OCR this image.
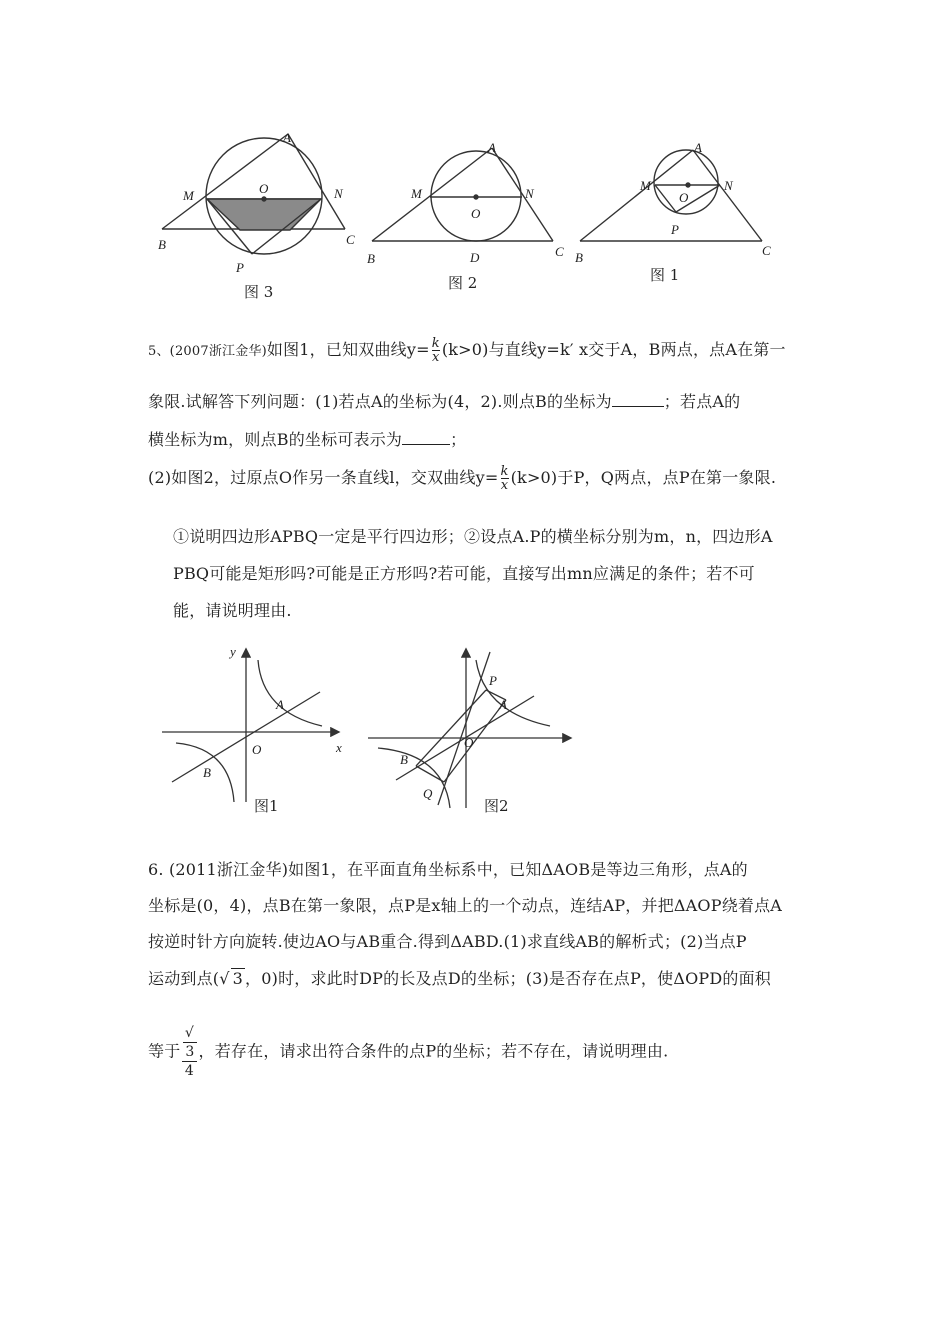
A
O
M	N
B	C
P
图 3
A
M	N
O
B	D	C
图 2
A
M	N
O
P
B	C
图 1
5、(2007浙江金华)如图1，已知双曲线$y= \frac{k}{x} (k>0)$与直线y=k′ x交于A，B两点，点A在第一
象限.试解答下列问题：(1)若点A的坐标为(4，2).则点B的坐标为	；若点A的
横坐标为m，则点B的坐标可表示为	；
(2)如图2，过原点O作另一条直线l，交双曲线$y= \frac{k}{x} (k>0)$于P，Q两点，点P在第一象限.
①说明四边形APBQ一定是平行四边形；②设点A.P的横坐标分别为m，n，四边形A
PBQ可能是矩形吗?可能是正方形吗?若可能，直接写出mn应满足的条件；若不可
能，请说明理由.
y
x
O
A
B
图1
P
A
O
B
Q
图2
6. (2011浙江金华)如图1，在平面直角坐标系中，已知ΔAOB是等边三角形，点A的
坐标是(0，4)，点B在第一象限，点P是x轴上的一个动点，连结AP，并把ΔAOP绕着点A
按逆时针方向旋转.使边AO与AB重合.得到ΔABD.(1)求直线AB的解析式；(2)当点P
运动到点(√ 3 ，0)时，求此时DP的长及点D的坐标；(3)是否存在点P，使ΔOPD的面积
等于 √
3
4 ，若存在，请求出符合条件的点P的坐标；若不存在，请说明理由.
